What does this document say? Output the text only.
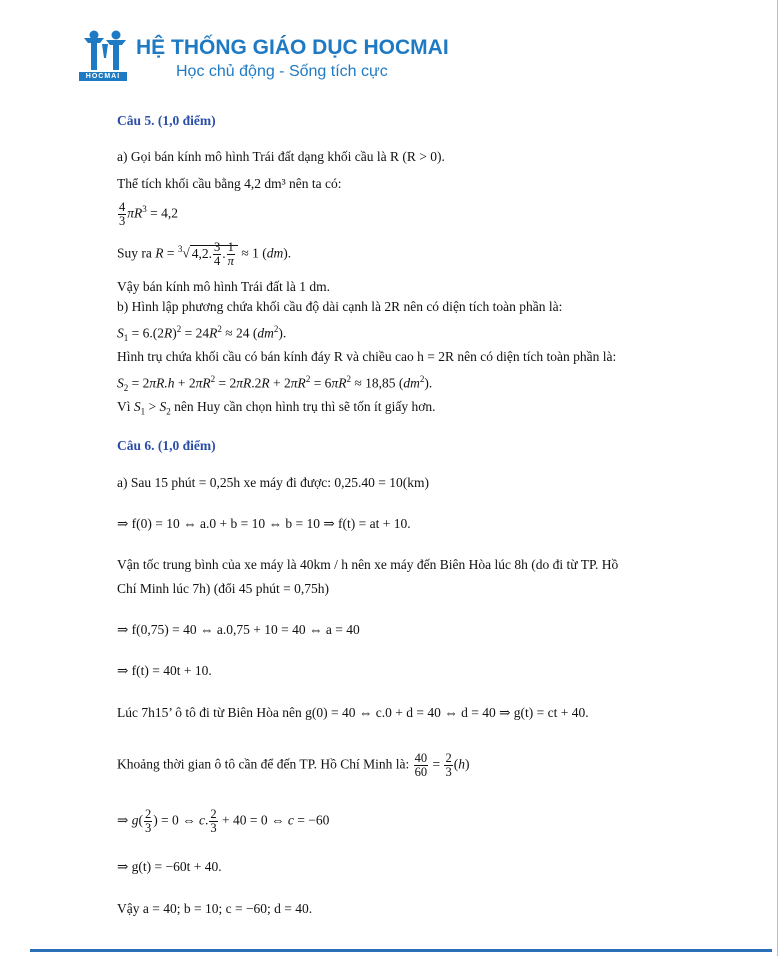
HOCMAI
HỆ THỐNG GIÁO DỤC HOCMAI
Học chủ động - Sống tích cực
Câu 5. (1,0 điểm)
a) Gọi bán kính mô hình Trái đất dạng khối cầu là R (R > 0).
Thể tích khối cầu bằng 4,2 dm³ nên ta có:
$\frac{4}{3} \pi R^3 = 4,2$
Suy ra R = $^3$√ 4,2. $\frac{3}{4}$ . $\frac{1}{\pi} \approx 1$ (dm).
Vậy bán kính mô hình Trái đất là 1 dm.
b) Hình lập phương chứa khối cầu độ dài cạnh là 2R nên có diện tích toàn phần là:
$S_1 = 6.(2R)^2 = 24R^2 \approx 24$ $(dm^2)$.
Hình trụ chứa khối cầu có bán kính đáy R và chiều cao h = 2R nên có diện tích toàn phần là:
$S_2 = 2\pi R.h + 2\pi R^2 = 2\pi R.2R + 2\pi R^2 = 6\pi R^2 \approx 18,85$ $(dm^2)$.
Vì $S_1 > S_2$ nên Huy cần chọn hình trụ thì sẽ tốn ít giấy hơn.
Câu 6. (1,0 điểm)
a) Sau 15 phút = 0,25h xe máy đi được: 0,25.40 = 10(km)
⇒ f(0) = 10 ⇔ a.0 + b = 10 ⇔ b = 10 ⇒ f(t) = at + 10.
Vận tốc trung bình của xe máy là 40km / h nên xe máy đến Biên Hòa lúc 8h (do đi từ TP. Hồ
Chí Minh lúc 7h) (đổi 45 phút = 0,75h)
⇒ f(0,75) = 40 ⇔ a.0,75 + 10 = 40 ⇔ a = 40
⇒ f(t) = 40t + 10.
Lúc 7h15’ ô tô đi từ Biên Hòa nên g(0) = 40 ⇔ c.0 + d = 40 ⇔ d = 40 ⇒ g(t) = ct + 40.
Khoảng thời gian ô tô cần để đến TP. Hồ Chí Minh là: $\frac{40}{60} = \frac{2}{3} (h)$
⇒ $g( \frac{2}{3}$ ) = 0 ⇔ c. $\frac{2}{3} + 40 = 0$ ⇔ c = −60
⇒ g(t) = −60t + 40.
Vậy a = 40; b = 10; c = −60; d = 40.
